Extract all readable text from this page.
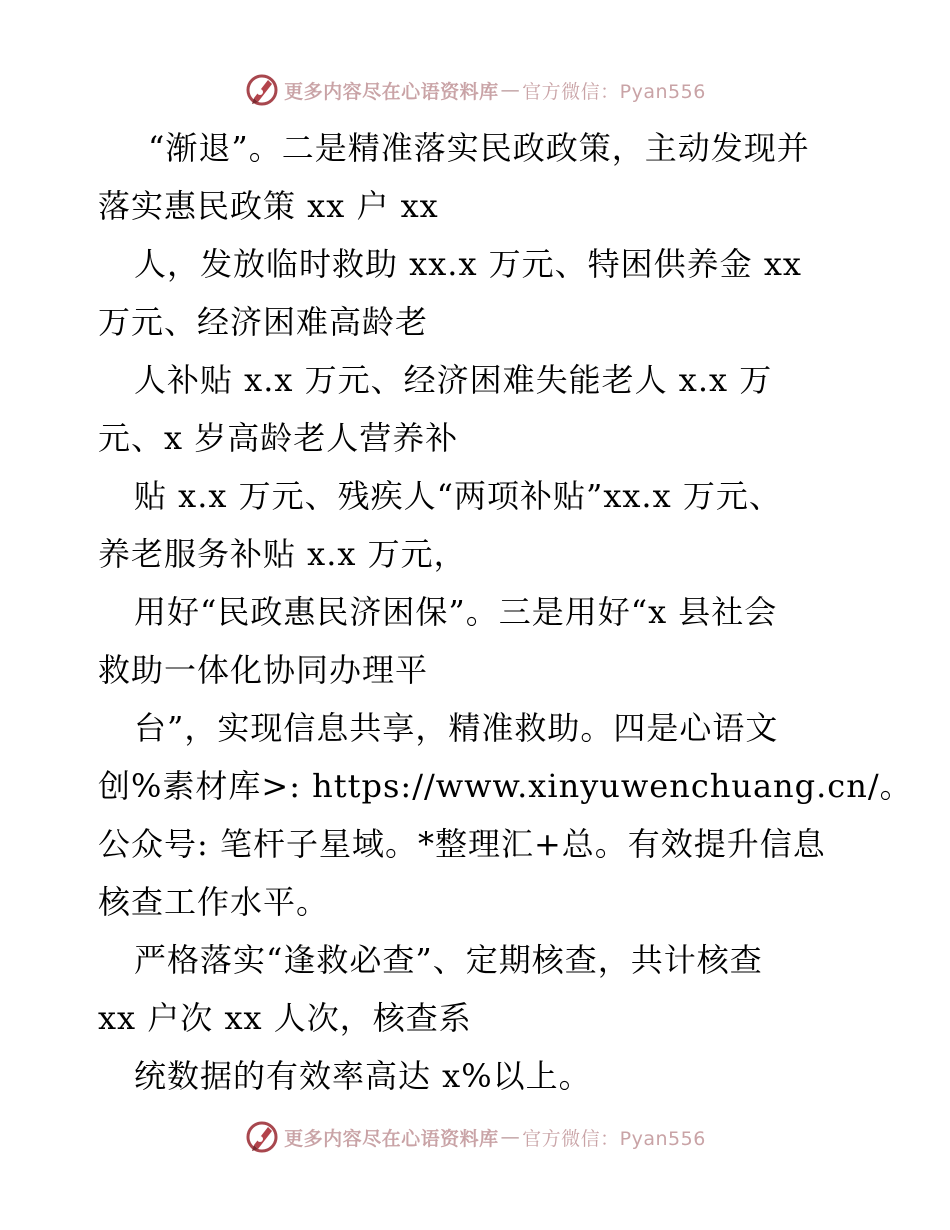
更多内容尽在心语资料库 — 官方微信：Pyan556
“渐退”。二是精准落实民政政策，主动发现并
落实惠民政策 xx 户 xx
人，发放临时救助 xx.x 万元、特困供养金 xx
万元、经济困难高龄老
人补贴 x.x 万元、经济困难失能老人 x.x 万
元、x 岁高龄老人营养补
贴 x.x 万元、残疾人“两项补贴”xx.x 万元、
养老服务补贴 x.x 万元，
用好“民政惠民济困保”。三是用好“x 县社会
救助一体化协同办理平
台”，实现信息共享，精准救助。四是心语文
创%素材库>: https://www.xinyuwenchuang.cn/。
公众号: 笔杆子星域。*整理汇+总。有效提升信息
核查工作水平。
严格落实“逢救必查”、定期核查，共计核查
xx 户次 xx 人次，核查系
统数据的有效率高达 x%以上。
更多内容尽在心语资料库 — 官方微信：Pyan556
